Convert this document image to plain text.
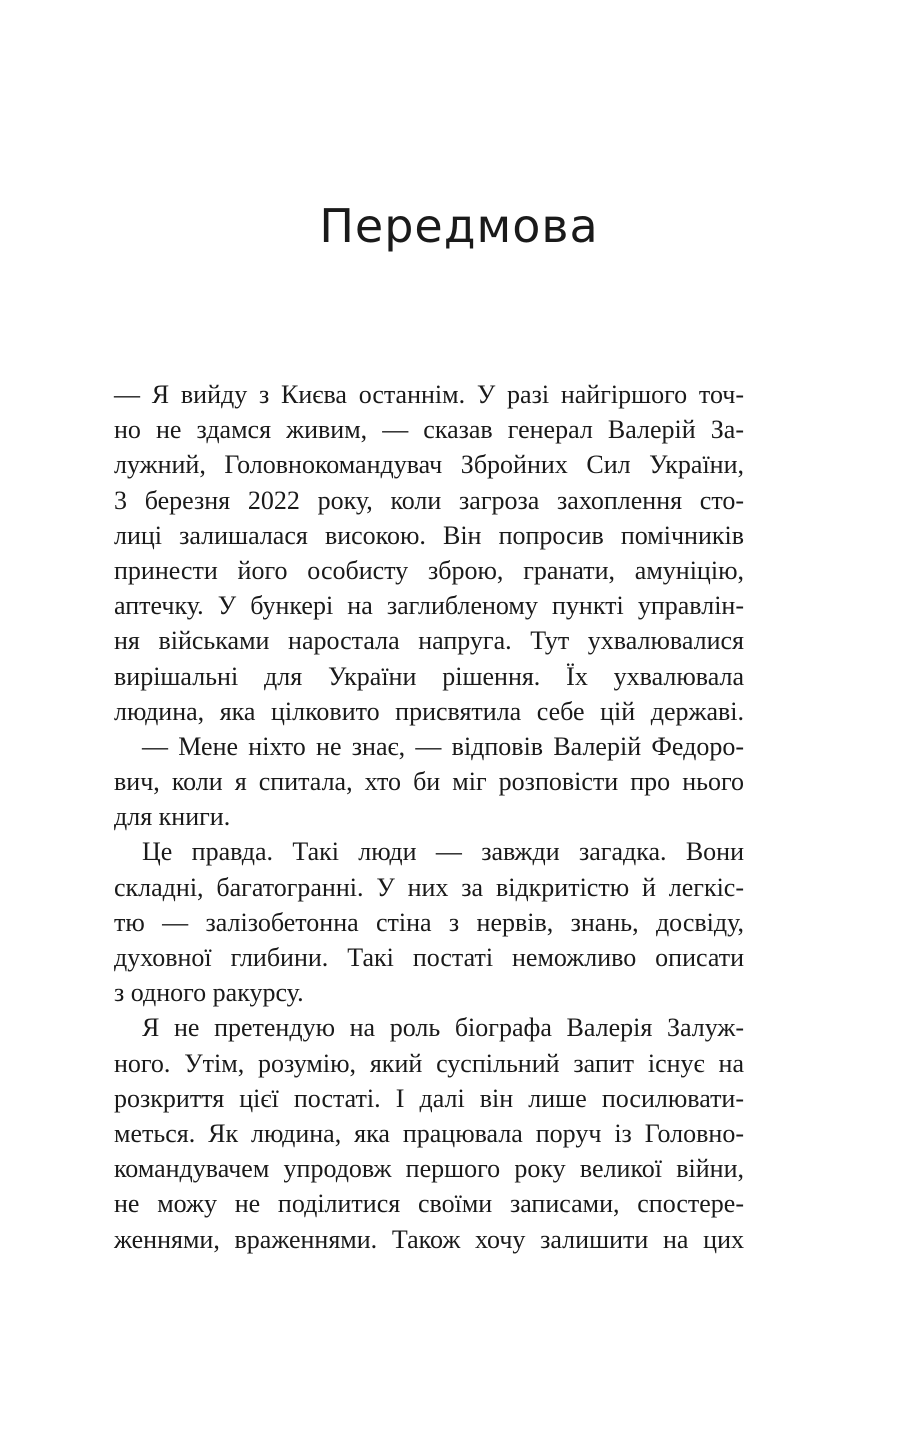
Передмова
— Я вийду з Києва останнім. У разі найгіршого точ-
но не здамся живим, — сказав генерал Валерій За-
лужний, Головнокомандувач Збройних Сил України,
3 березня 2022 року, коли загроза захоплення сто-
лиці залишалася високою. Він попросив помічників
принести його особисту зброю, гранати, амуніцію,
аптечку. У бункері на заглибленому пункті управлін-
ня військами наростала напруга. Тут ухвалювалися
вирішальні для України рішення. Їх ухвалювала
людина, яка цілковито присвятила себе цій державі.
— Мене ніхто не знає, — відповів Валерій Федоро-
вич, коли я спитала, хто би міг розповісти про нього
для книги.
Це правда. Такі люди — завжди загадка. Вони
складні, багатогранні. У них за відкритістю й легкіс-
тю — залізобетонна стіна з нервів, знань, досвіду,
духовної глибини. Такі постаті неможливо описати
з одного ракурсу.
Я не претендую на роль біографа Валерія Залуж-
ного. Утім, розумію, який суспільний запит існує на
розкриття цієї постаті. І далі він лише посилювати-
меться. Як людина, яка працювала поруч із Головно-
командувачем упродовж першого року великої війни,
не можу не поділитися своїми записами, спостере-
женнями, враженнями. Також хочу залишити на цих
